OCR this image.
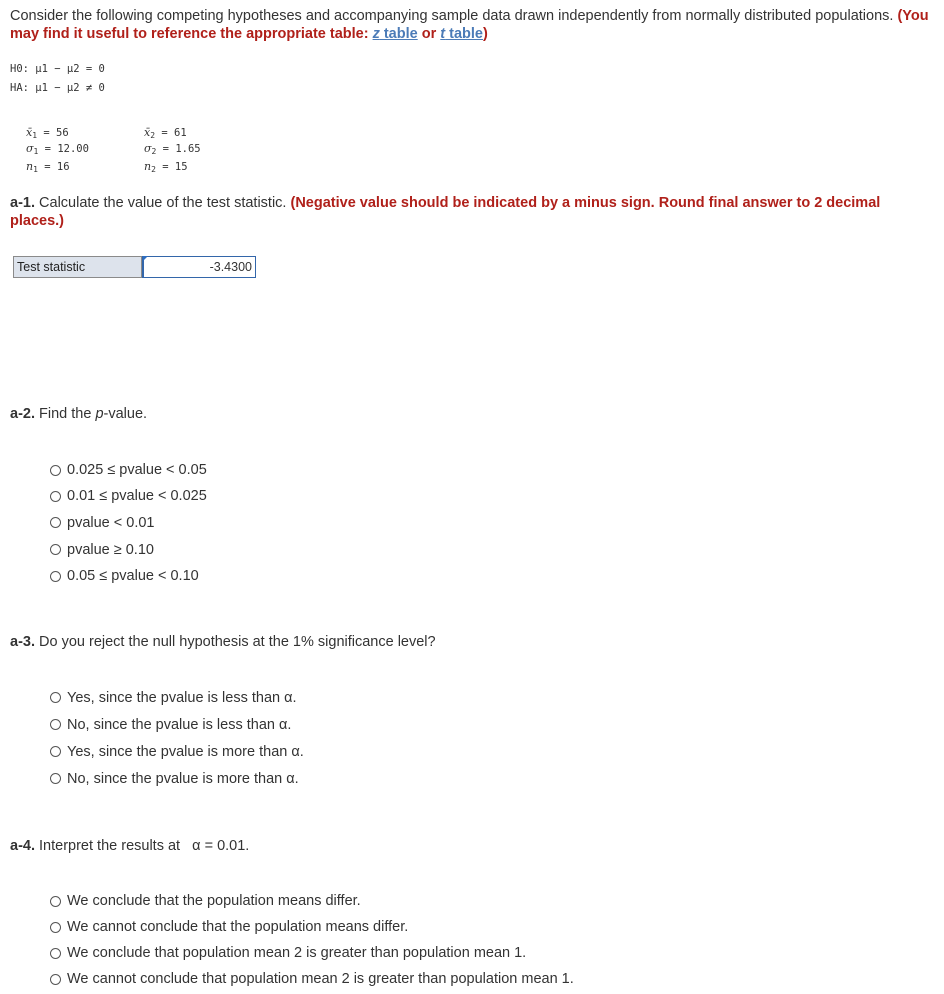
Consider the following competing hypotheses and accompanying sample data drawn independently from normally distributed populations. (You may find it useful to reference the appropriate table: z table or t table)
H0: μ1 − μ2 = 0
HA: μ1 − μ2 ≠ 0
$x̄_1 = 56$
$\sigma_1 = 12.00$
$n_1 = 16$
$x̄_2 = 61$
$\sigma_2 = 1.65$
$n_2 = 15$
a-1. Calculate the value of the test statistic. (Negative value should be indicated by a minus sign. Round final answer to 2 decimal places.)
Test statistic	-3.4300
a-2. Find the p-value.
0.025 ≤ pvalue < 0.05
0.01 ≤ pvalue < 0.025
pvalue < 0.01
pvalue ≥ 0.10
0.05 ≤ pvalue < 0.10
a-3. Do you reject the null hypothesis at the 1% significance level?
Yes, since the pvalue is less than α.
No, since the pvalue is less than α.
Yes, since the pvalue is more than α.
No, since the pvalue is more than α.
a-4. Interpret the results at   α = 0.01.
We conclude that the population means differ.
We cannot conclude that the population means differ.
We conclude that population mean 2 is greater than population mean 1.
We cannot conclude that population mean 2 is greater than population mean 1.
